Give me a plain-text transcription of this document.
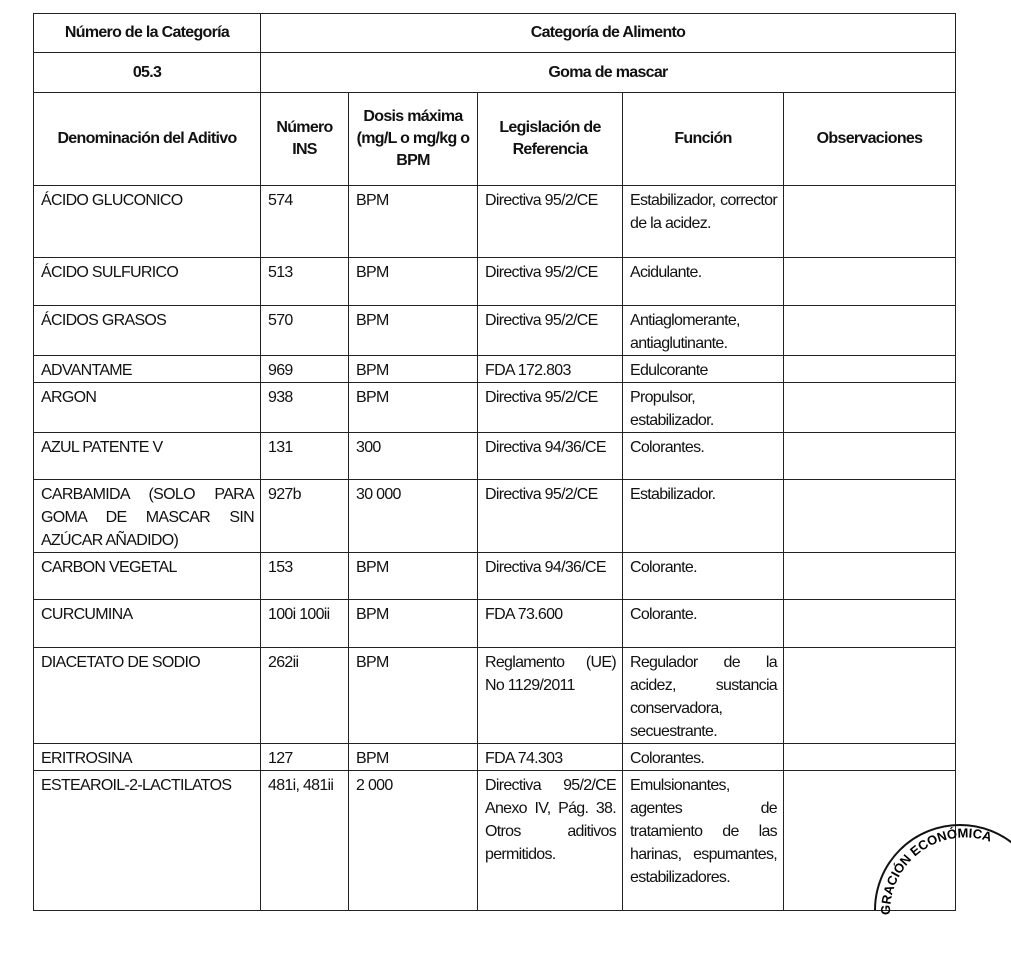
Número de la Categoría	Categoría de Alimento				
05.3	Goma de mascar				
Denominación del Aditivo	Número INS	Dosis máxima (mg/L o mg/kg o BPM	Legislación de Referencia	Función	Observaciones
ÁCIDO GLUCONICO	574	BPM	Directiva 95/2/CE	Estabilizador, corrector de la acidez.	
ÁCIDO SULFURICO	513	BPM	Directiva 95/2/CE	Acidulante.	
ÁCIDOS GRASOS	570	BPM	Directiva 95/2/CE	Antiaglomerante, antiaglutinante.	
ADVANTAME	969	BPM	FDA 172.803	Edulcorante	
ARGON	938	BPM	Directiva 95/2/CE	Propulsor, estabilizador.	
AZUL PATENTE V	131	300	Directiva 94/36/CE	Colorantes.	
CARBAMIDA (SOLO PARA GOMA DE MASCAR SIN AZÚCAR AÑADIDO)	927b	30 000	Directiva 95/2/CE	Estabilizador.	
CARBON VEGETAL	153	BPM	Directiva 94/36/CE	Colorante.	
CURCUMINA	100i 100ii	BPM	FDA 73.600	Colorante.	
DIACETATO DE SODIO	262ii	BPM	Reglamento (UE) No 1129/2011	Regulador de la acidez, sustancia conservadora, secuestrante.	
ERITROSINA	127	BPM	FDA 74.303	Colorantes.	
ESTEAROIL-2-LACTILATOS	481i, 481ii	2 000	Directiva 95/2/CE Anexo IV, Pág. 38. Otros aditivos permitidos.	Emulsionantes, agentes de tratamiento de las harinas, espumantes, estabilizadores.	
GRACIÓN ECONÓMICA
